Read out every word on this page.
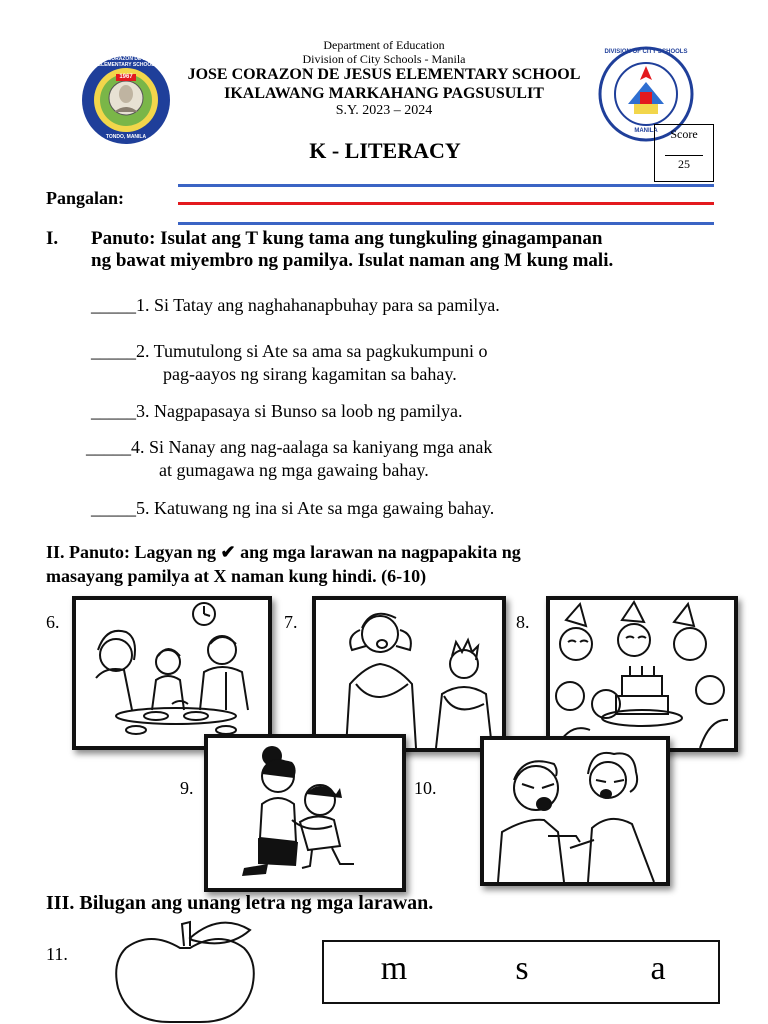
JOSE CORAZON DE JESUS ELEMENTARY SCHOOL
1967
TONDO, MANILA
DIVISION OF CITY SCHOOLS
MANILA
Department of Education
Division of City Schools - Manila
JOSE CORAZON DE JESUS ELEMENTARY SCHOOL
IKALAWANG MARKAHANG PAGSUSULIT
S.Y. 2023 – 2024
K - LITERACY
Score
25
Pangalan:
I. Panuto: Isulat ang T kung tama ang tungkuling ginagampanan
ng bawat miyembro ng pamilya. Isulat naman ang M kung mali.
_____1. Si Tatay ang naghahanapbuhay para sa pamilya.
_____2. Tumutulong si Ate sa ama sa pagkukumpuni o
pag-aayos ng sirang kagamitan sa bahay.
_____3. Nagpapasaya si Bunso sa loob ng pamilya.
_____4. Si Nanay ang nag-aalaga sa kaniyang mga anak
at gumagawa ng mga gawaing bahay.
_____5. Katuwang ng ina si Ate sa mga gawaing bahay.
II. Panuto: Lagyan ng ✔ ang mga larawan na nagpapakita ng
masayang pamilya at X naman kung hindi. (6-10)
6.	7.	8.
9.	10.
III. Bilugan ang unang letra ng mga larawan.
11.	m	s	a
